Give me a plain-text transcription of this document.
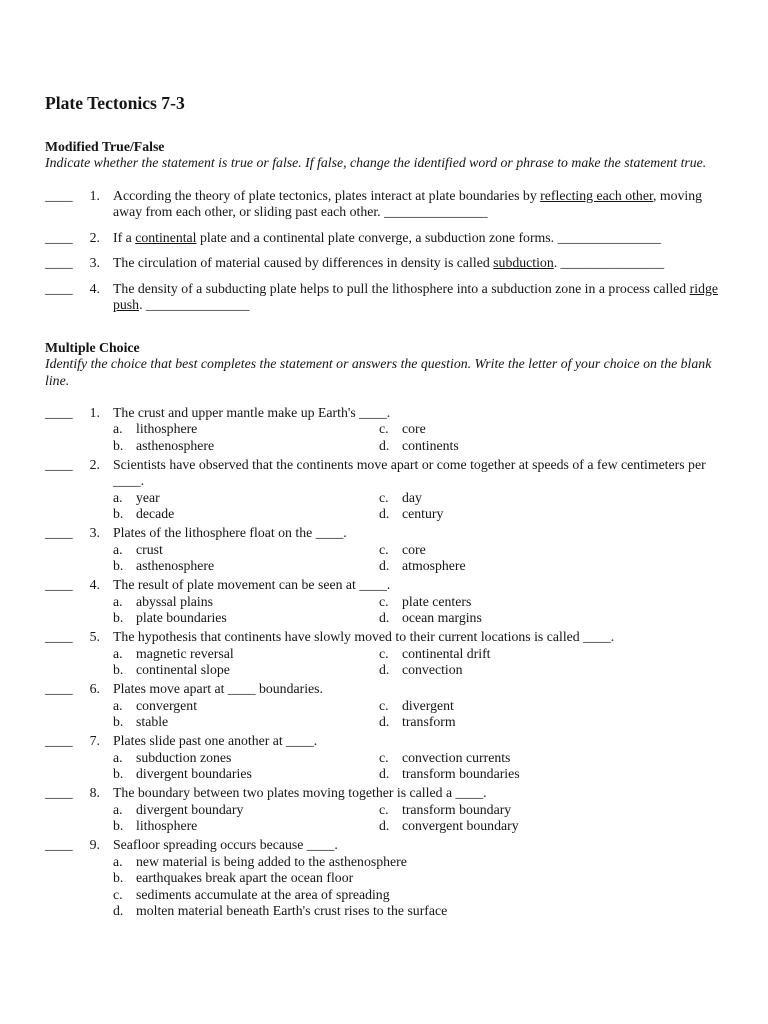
Plate Tectonics 7-3
Modified True/False
Indicate whether the statement is true or false. If false, change the identified word or phrase to make the statement true.
____	1. According the theory of plate tectonics, plates interact at plate boundaries by reflecting each other, moving away from each other, or sliding past each other. _______________
____	2. If a continental plate and a continental plate converge, a subduction zone forms. _______________
____	3. The circulation of material caused by differences in density is called subduction. _______________
____	4. The density of a subducting plate helps to pull the lithosphere into a subduction zone in a process called ridge push. _______________
Multiple Choice
Identify the choice that best completes the statement or answers the question. Write the letter of your choice on the blank line.
____	1. The crust and upper mantle make up Earth's ____.
a. lithosphere
b. asthenosphere
c. core
d. continents
____	2. Scientists have observed that the continents move apart or come together at speeds of a few centimeters per ____.
a. year
b. decade
c. day
d. century
____	3. Plates of the lithosphere float on the ____.
a. crust
b. asthenosphere
c. core
d. atmosphere
____	4. The result of plate movement can be seen at ____.
a. abyssal plains
b. plate boundaries
c. plate centers
d. ocean margins
____	5. The hypothesis that continents have slowly moved to their current locations is called ____.
a. magnetic reversal
b. continental slope
c. continental drift
d. convection
____	6. Plates move apart at ____ boundaries.
a. convergent
b. stable
c. divergent
d. transform
____	7. Plates slide past one another at ____.
a. subduction zones
b. divergent boundaries
c. convection currents
d. transform boundaries
____	8. The boundary between two plates moving together is called a ____.
a. divergent boundary
b. lithosphere
c. transform boundary
d. convergent boundary
____	9. Seafloor spreading occurs because ____.
a. new material is being added to the asthenosphere
b. earthquakes break apart the ocean floor
c. sediments accumulate at the area of spreading
d. molten material beneath Earth's crust rises to the surface
